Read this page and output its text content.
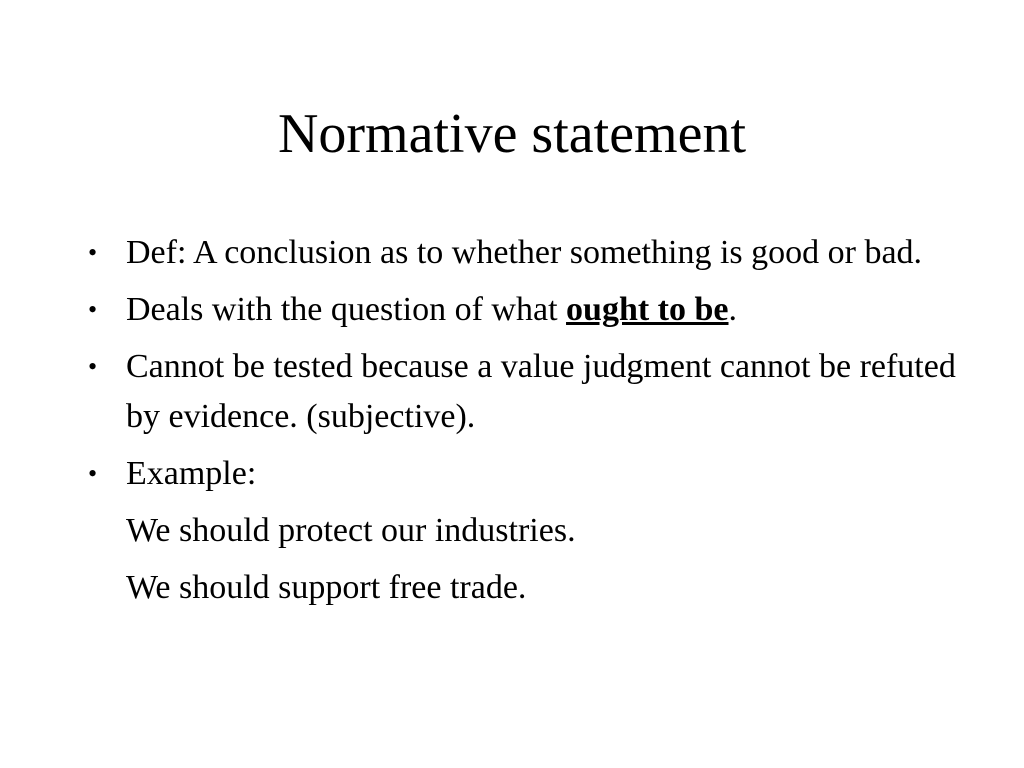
Normative statement
• Def: A conclusion as to whether something is good or bad.
• Deals with the question of what ought to be.
• Cannot be tested because a value judgment cannot be refuted by evidence. (subjective).
• Example:
We should protect our industries.
We should support free trade.
